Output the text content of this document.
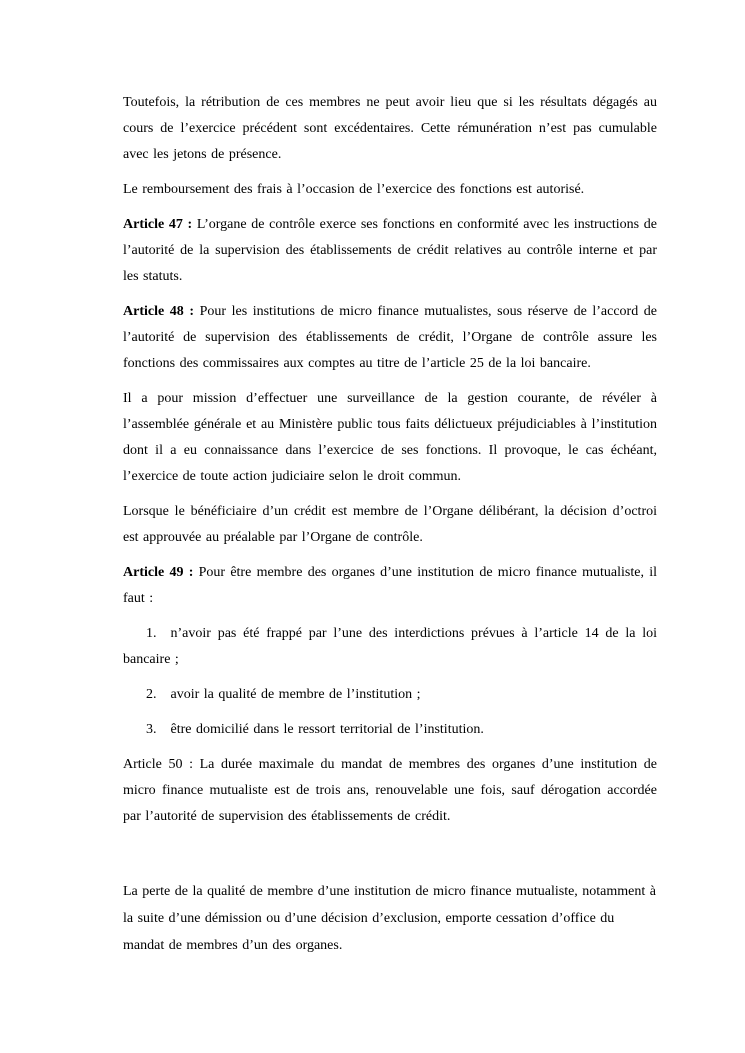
Toutefois, la rétribution de ces membres ne peut avoir lieu que si les résultats dégagés au cours de l’exercice précédent sont excédentaires. Cette rémunération n’est pas cumulable avec les jetons de présence.

Le remboursement des frais à l’occasion de l’exercice des fonctions est autorisé.

Article 47 : L’organe de contrôle exerce ses fonctions en conformité avec les instructions de l’autorité de la supervision des établissements de crédit relatives au contrôle interne et par les statuts.

Article 48 : Pour les institutions de micro finance mutualistes, sous réserve de l’accord de l’autorité de supervision des établissements de crédit, l’Organe de contrôle assure les fonctions des commissaires aux comptes au titre de l’article 25 de la loi bancaire.

Il a pour mission d’effectuer une surveillance de la gestion courante, de révéler à l’assemblée générale et au Ministère public tous faits délictueux préjudiciables à l’institution dont il a eu connaissance dans l’exercice de ses fonctions. Il provoque, le cas échéant, l’exercice de toute action judiciaire selon le droit commun.

Lorsque le bénéficiaire d’un crédit est membre de l’Organe délibérant, la décision d’octroi est approuvée au préalable par l’Organe de contrôle.

Article 49 : Pour être membre des organes d’une institution de micro finance mutualiste, il faut :

1. n’avoir pas été frappé par l’une des interdictions prévues à l’article 14 de la loi bancaire ;

2. avoir la qualité de membre de l’institution ;

3. être domicilié dans le ressort territorial de l’institution.

Article 50 : La durée maximale du mandat de membres des organes d’une institution de micro finance mutualiste est de trois ans, renouvelable une fois, sauf dérogation accordée par l’autorité de supervision des établissements de crédit.

La perte de la qualité de membre d’une institution de micro finance mutualiste, notamment à la suite d’une démission ou d’une décision d’exclusion, emporte cessation d’office du mandat de membres d’un des organes.
